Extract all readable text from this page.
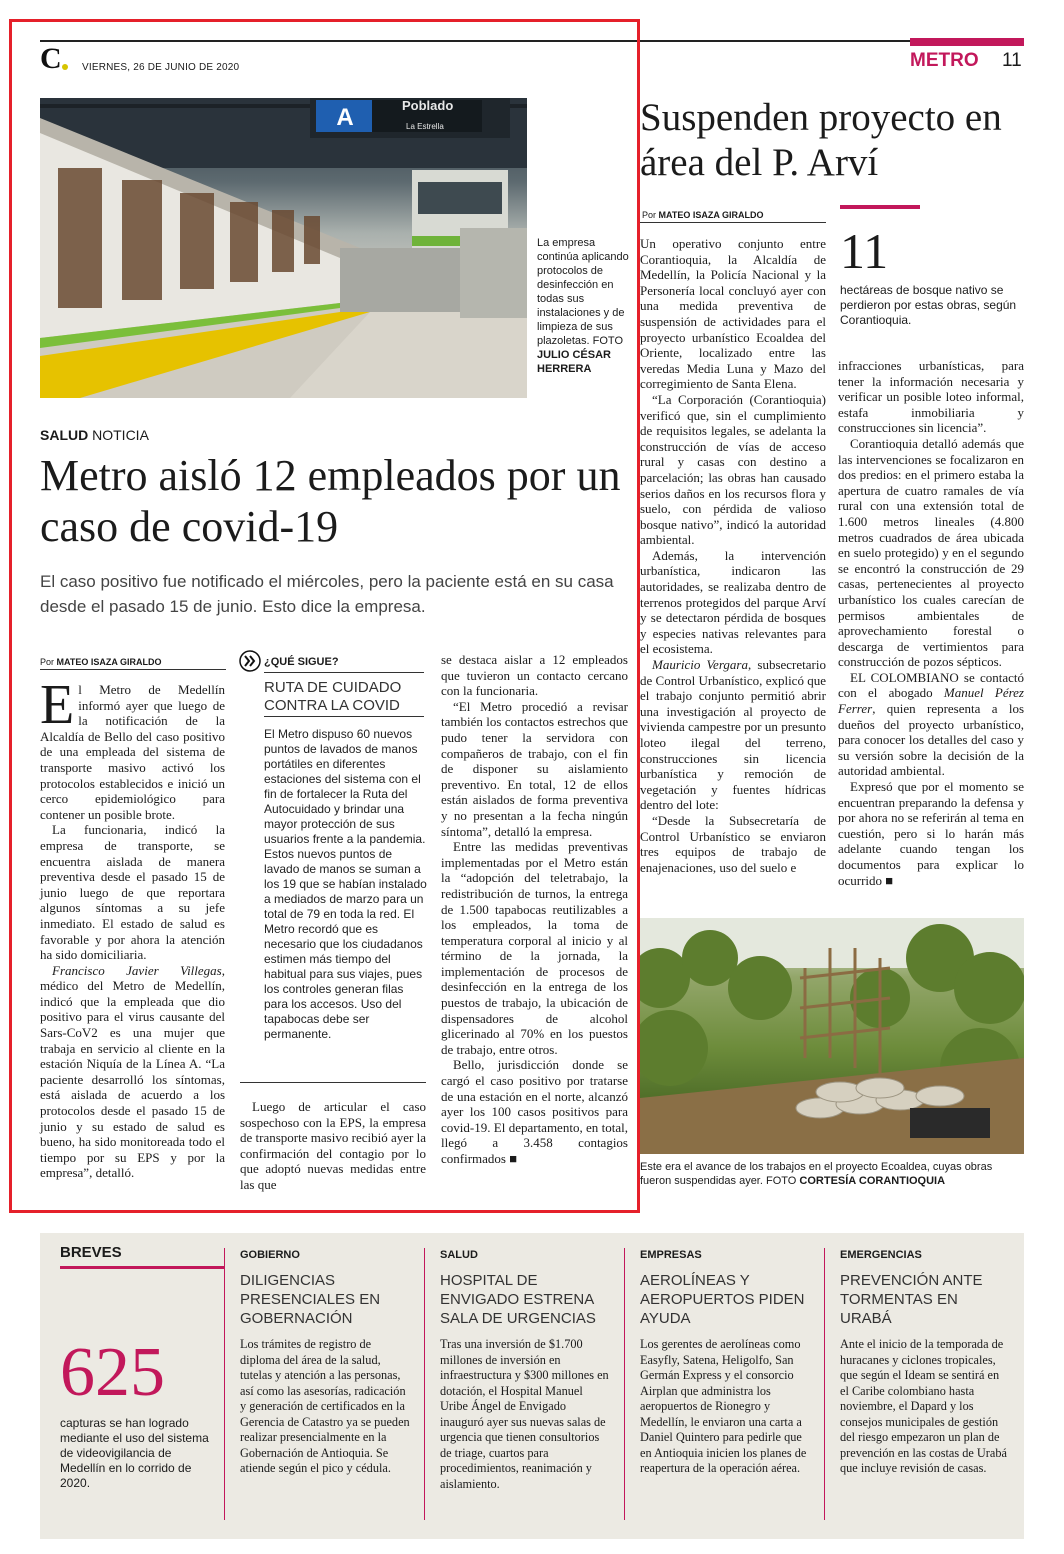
C	VIERNES, 26 DE JUNIO DE 2020	METRO 11
A	Poblado
La Estrella
La empresa continúa aplicando protocolos de desinfección en todas sus instalaciones y de limpieza de sus plazoletas. FOTO JULIO CÉSAR HERRERA
SALUD NOTICIA
Metro aisló 12 empleados por un caso de covid-19
El caso positivo fue notificado el miércoles, pero la paciente está en su casa desde el pasado 15 de junio. Esto dice la empresa.
Por MATEO ISAZA GIRALDO
E l Metro de Medellín informó ayer que luego de la notificación de la Alcaldía de Bello del caso positivo de una empleada del sistema de transporte masivo activó los protocolos establecidos e inició un cerco epidemiológico para contener un posible brote.

La funcionaria, indicó la empresa de transporte, se encuentra aislada de manera preventiva desde el pasado 15 de junio luego de que reportara algunos síntomas a su jefe inmediato. El estado de salud es favorable y por ahora la atención ha sido domiciliaria.

Francisco Javier Villegas, médico del Metro de Medellín, indicó que la empleada que dio positivo para el virus causante del Sars-CoV2 es una mujer que trabaja en servicio al cliente en la estación Niquía de la Línea A. “La paciente desarrolló los síntomas, está aislada de acuerdo a los protocolos desde el pasado 15 de junio y su estado de salud es bueno, ha sido monitoreada todo el tiempo por su EPS y por la empresa”, detalló.

¿QUÉ SIGUE?
RUTA DE CUIDADO CONTRA LA COVID
El Metro dispuso 60 nuevos puntos de lavados de manos portátiles en diferentes estaciones del sistema con el fin de fortalecer la Ruta del Autocuidado y brindar una mayor protección de sus usuarios frente a la pandemia. Estos nuevos puntos de lavado de manos se suman a los 19 que se habían instalado a mediados de marzo para un total de 79 en toda la red. El Metro recordó que es necesario que los ciudadanos estimen más tiempo del habitual para sus viajes, pues los controles generan filas para los accesos. Uso del tapabocas debe ser permanente.

Luego de articular el caso sospechoso con la EPS, la empresa de transporte masivo recibió ayer la confirmación del contagio por lo que adoptó nuevas medidas entre las que

se destaca aislar a 12 empleados que tuvieron un contacto cercano con la funcionaria.

“El Metro procedió a revisar también los contactos estrechos que pudo tener la servidora con compañeros de trabajo, con el fin de disponer su aislamiento preventivo. En total, 12 de ellos están aislados de forma preventiva y no presentan a la fecha ningún síntoma”, detalló la empresa.

Entre las medidas preventivas implementadas por el Metro están la “adopción del teletrabajo, la redistribución de turnos, la entrega de 1.500 tapabocas reutilizables a los empleados, la toma de temperatura corporal al inicio y al término de la jornada, la implementación de procesos de desinfección en la entrega de los puestos de trabajo, la ubicación de dispensadores de alcohol glicerinado al 70% en los puestos de trabajo, entre otros.

Bello, jurisdicción donde se cargó el caso positivo por tratarse de una estación en el norte, alcanzó ayer los 100 casos positivos para covid-19. El departamento, en total, llegó a 3.458 contagios confirmados ■

Suspenden proyecto en área del P. Arví
Por MATEO ISAZA GIRALDO
11
hectáreas de bosque nativo se perdieron por estas obras, según Corantioquia.

Un operativo conjunto entre Corantioquia, la Alcaldía de Medellín, la Policía Nacional y la Personería local concluyó ayer con una medida preventiva de suspensión de actividades para el proyecto urbanístico Ecoaldea del Oriente, localizado entre las veredas Media Luna y Mazo del corregimiento de Santa Elena.

“La Corporación (Corantioquia) verificó que, sin el cumplimiento de requisitos legales, se adelanta la construcción de vías de acceso rural y casas con destino a parcelación; las obras han causado serios daños en los recursos flora y suelo, con pérdida de valioso bosque nativo”, indicó la autoridad ambiental.

Además, la intervención urbanística, indicaron las autoridades, se realizaba dentro de terrenos protegidos del parque Arví y se detectaron pérdida de bosques y especies nativas relevantes para el ecosistema.

Mauricio Vergara, subsecretario de Control Urbanístico, explicó que el trabajo conjunto permitió abrir una investigación al proyecto de vivienda campestre por un presunto loteo ilegal del terreno, construcciones sin licencia urbanística y remoción de vegetación y fuentes hídricas dentro del lote:

“Desde la Subsecretaría de Control Urbanístico se enviaron tres equipos de trabajo de enajenaciones, uso del suelo e

infracciones urbanísticas, para tener la información necesaria y verificar un posible loteo informal, estafa inmobiliaria y construcciones sin licencia”.

Corantioquia detalló además que las intervenciones se focalizaron en dos predios: en el primero estaba la apertura de cuatro ramales de vía rural con una extensión total de 1.600 metros lineales (4.800 metros cuadrados de área ubicada en suelo protegido) y en el segundo se encontró la construcción de 29 casas, pertenecientes al proyecto urbanístico los cuales carecían de permisos ambientales de aprovechamiento forestal o descarga de vertimientos para construcción de pozos sépticos.

EL COLOMBIANO se contactó con el abogado Manuel Pérez Ferrer, quien representa a los dueños del proyecto urbanístico, para conocer los detalles del caso y su versión sobre la decisión de la autoridad ambiental.

Expresó que por el momento se encuentran preparando la defensa y por ahora no se referirán al tema en cuestión, pero si lo harán más adelante cuando tengan los documentos para explicar lo ocurrido ■

Este era el avance de los trabajos en el proyecto Ecoaldea, cuyas obras fueron suspendidas ayer. FOTO CORTESÍA CORANTIOQUIA
BREVES
625
capturas se han logrado mediante el uso del sistema de videovigilancia de Medellín en lo corrido de 2020.
GOBIERNO
DILIGENCIAS PRESENCIALES EN GOBERNACIÓN
Los trámites de registro de diploma del área de la salud, tutelas y atención a las personas, así como las asesorías, radicación y generación de certificados en la Gerencia de Catastro ya se pueden realizar presencialmente en la Gobernación de Antioquia. Se atiende según el pico y cédula.
SALUD
HOSPITAL DE ENVIGADO ESTRENA SALA DE URGENCIAS
Tras una inversión de $1.700 millones de inversión en infraestructura y $300 millones en dotación, el Hospital Manuel Uribe Ángel de Envigado inauguró ayer sus nuevas salas de urgencia que tienen consultorios de triage, cuartos para procedimientos, reanimación y aislamiento.
EMPRESAS
AEROLÍNEAS Y AEROPUERTOS PIDEN AYUDA
Los gerentes de aerolíneas como Easyfly, Satena, Heligolfo, San Germán Express y el consorcio Airplan que administra los aeropuertos de Rionegro y Medellín, le enviaron una carta a Daniel Quintero para pedirle que en Antioquia inicien los planes de reapertura de la operación aérea.
EMERGENCIAS
PREVENCIÓN ANTE TORMENTAS EN URABÁ
Ante el inicio de la temporada de huracanes y ciclones tropicales, que según el Ideam se sentirá en el Caribe colombiano hasta noviembre, el Dapard y los consejos municipales de gestión del riesgo empezaron un plan de prevención en las costas de Urabá que incluye revisión de casas.
